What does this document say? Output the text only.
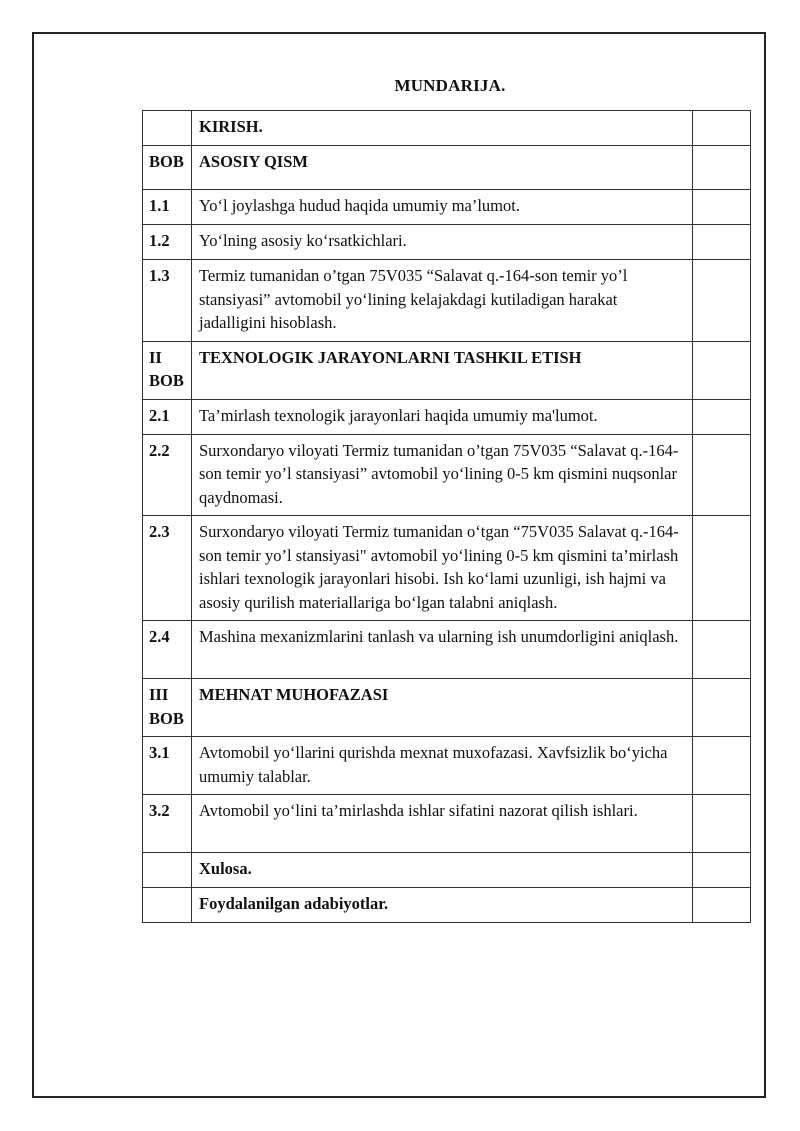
MUNDARIJA.
	KIRISH.	
BOB	ASOSIY QISM	
1.1	Yo‘l joylashga hudud haqida umumiy ma’lumot.	
1.2	Yo‘lning asosiy ko‘rsatkichlari.	
1.3	Termiz tumanidan o’tgan 75V035 “Salavat q.-164-son temir yo’l stansiyasi” avtomobil yo‘lining kelajakdagi kutiladigan harakat jadalligini hisoblash.	
II BOB	TEXNOLOGIK JARAYONLARNI TASHKIL ETISH	
2.1	Ta’mirlash texnologik jarayonlari haqida umumiy ma'lumot.	
2.2	Surxondaryo viloyati Termiz tumanidan o’tgan 75V035 “Salavat q.-164-son temir yo’l stansiyasi” avtomobil yo‘lining 0-5 km qismini nuqsonlar qaydnomasi.	
2.3	Surxondaryo viloyati Termiz tumanidan o‘tgan “75V035 Salavat q.-164-son temir yo’l stansiyasi" avtomobil yo‘lining 0-5 km qismini ta’mirlash ishlari texnologik jarayonlari hisobi. Ish ko‘lami uzunligi, ish hajmi va asosiy qurilish materiallariga bo‘lgan talabni aniqlash.	
2.4	Mashina mexanizmlarini tanlash va ularning ish unumdorligini aniqlash.	
III BOB	MEHNAT MUHOFAZASI	
3.1	Avtomobil yo‘llarini qurishda mexnat muxofazasi. Xavfsizlik bo‘yicha umumiy talablar.	
3.2	Avtomobil yo‘lini ta’mirlashda ishlar sifatini nazorat qilish ishlari.	
	Xulosa.	
	Foydalanilgan adabiyotlar.	
